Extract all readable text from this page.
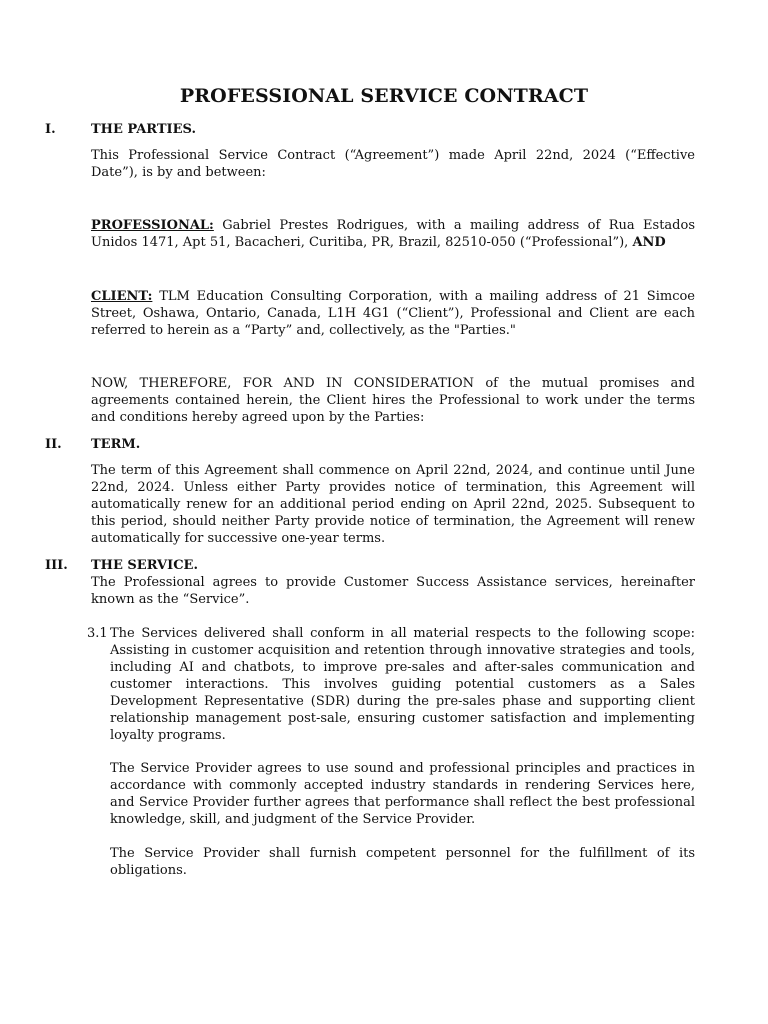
PROFESSIONAL SERVICE CONTRACT
I.	THE PARTIES.
This Professional Service Contract (“Agreement”) made April 22nd, 2024 (“Effective Date”), is by and between:
PROFESSIONAL: Gabriel Prestes Rodrigues, with a mailing address of Rua Estados Unidos 1471, Apt 51, Bacacheri, Curitiba, PR, Brazil, 82510-050 (“Professional”), AND
CLIENT: TLM Education Consulting Corporation, with a mailing address of 21 Simcoe Street, Oshawa, Ontario, Canada, L1H 4G1 (“Client”), Professional and Client are each referred to herein as a “Party” and, collectively, as the "Parties."
NOW, THEREFORE, FOR AND IN CONSIDERATION of the mutual promises and agreements contained herein, the Client hires the Professional to work under the terms and conditions hereby agreed upon by the Parties:
II. TERM.
The term of this Agreement shall commence on April 22nd, 2024, and continue until June 22nd, 2024. Unless either Party provides notice of termination, this Agreement will automatically renew for an additional period ending on April 22nd, 2025. Subsequent to this period, should neither Party provide notice of termination, the Agreement will renew automatically for successive one-year terms.
III. THE SERVICE.
The Professional agrees to provide Customer Success Assistance services, hereinafter known as the “Service”.
3.1 The Services delivered shall conform in all material respects to the following scope: Assisting in customer acquisition and retention through innovative strategies and tools, including AI and chatbots, to improve pre-sales and after-sales communication and customer interactions. This involves guiding potential customers as a Sales Development Representative (SDR) during the pre-sales phase and supporting client relationship management post-sale, ensuring customer satisfaction and implementing loyalty programs.
The Service Provider agrees to use sound and professional principles and practices in accordance with commonly accepted industry standards in rendering Services here, and Service Provider further agrees that performance shall reflect the best professional knowledge, skill, and judgment of the Service Provider.
The Service Provider shall furnish competent personnel for the fulfillment of its obligations.
